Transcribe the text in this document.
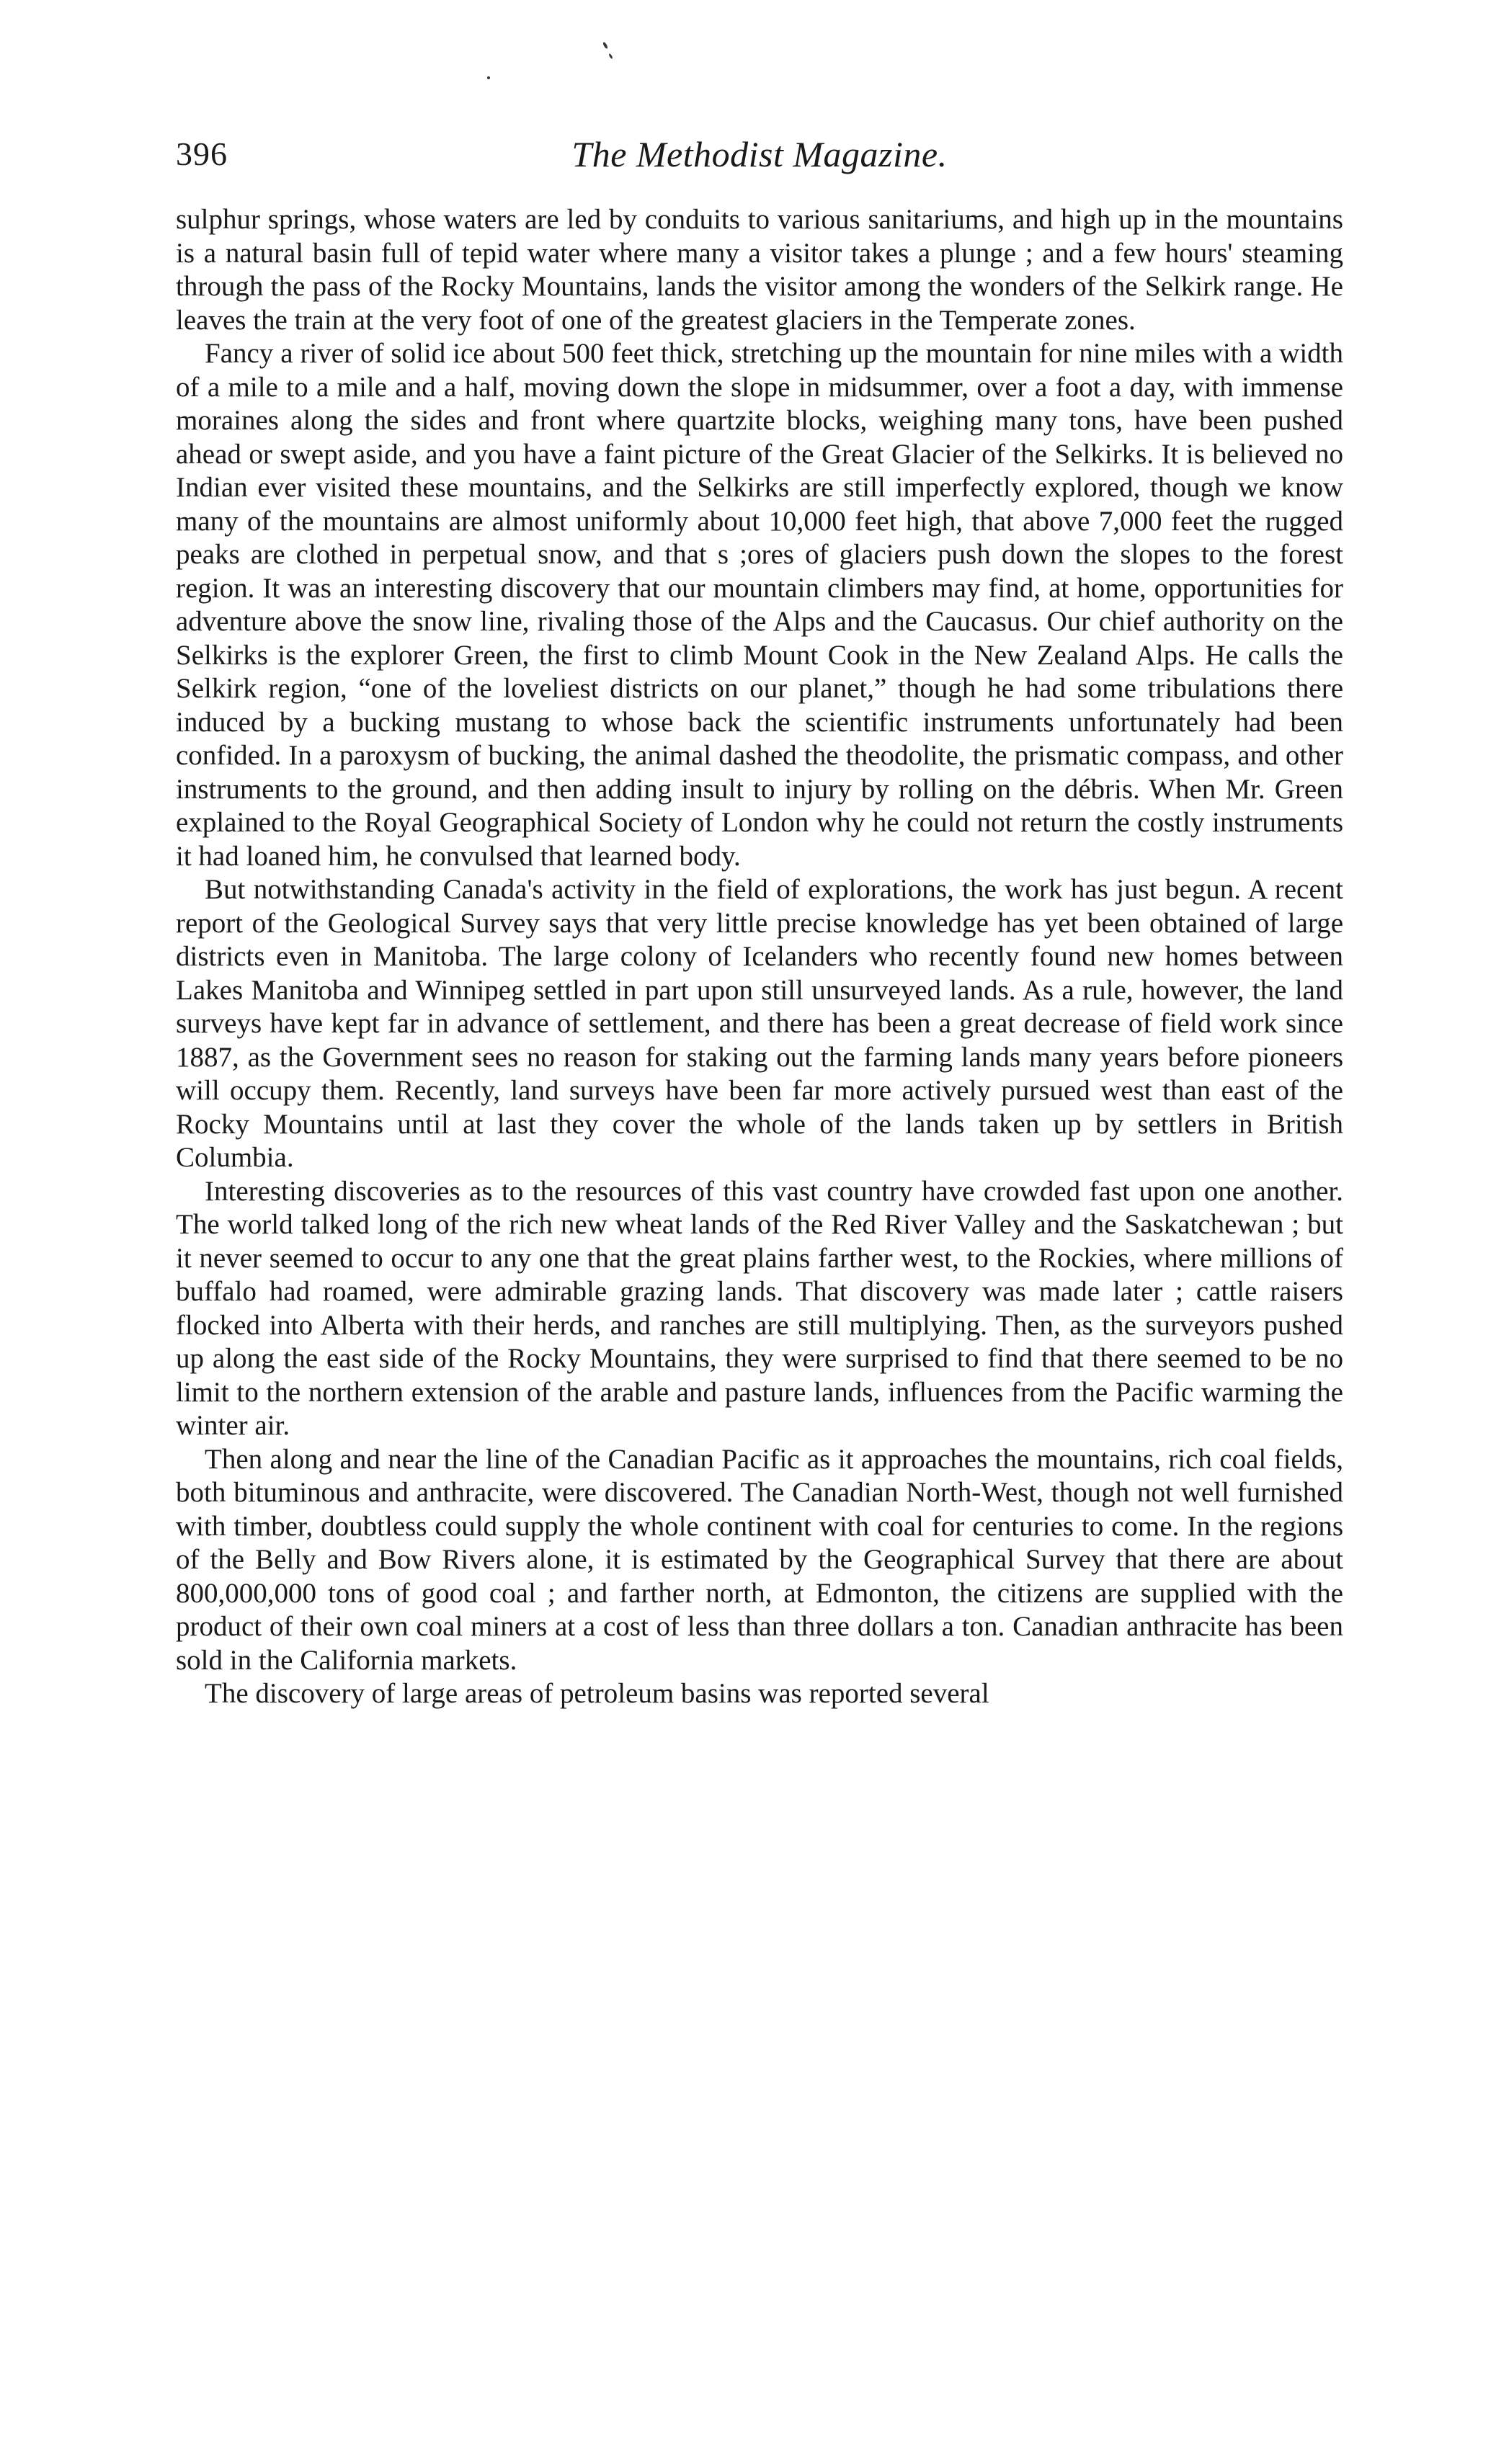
396	The Methodist Magazine.

sulphur springs, whose waters are led by conduits to various sanitariums, and high up in the mountains is a natural basin full of tepid water where many a visitor takes a plunge ; and a few hours' steaming through the pass of the Rocky Mountains, lands the visitor among the wonders of the Selkirk range. He leaves the train at the very foot of one of the greatest glaciers in the Temperate zones.

Fancy a river of solid ice about 500 feet thick, stretching up the mountain for nine miles with a width of a mile to a mile and a half, moving down the slope in midsummer, over a foot a day, with immense moraines along the sides and front where quartzite blocks, weighing many tons, have been pushed ahead or swept aside, and you have a faint picture of the Great Glacier of the Selkirks. It is believed no Indian ever visited these mountains, and the Selkirks are still imperfectly explored, though we know many of the mountains are almost uniformly about 10,000 feet high, that above 7,000 feet the rugged peaks are clothed in perpetual snow, and that s ;ores of glaciers push down the slopes to the forest region. It was an interesting discovery that our mountain climbers may find, at home, opportunities for adventure above the snow line, rivaling those of the Alps and the Caucasus. Our chief authority on the Selkirks is the explorer Green, the first to climb Mount Cook in the New Zealand Alps. He calls the Selkirk region, “one of the loveliest districts on our planet,” though he had some tribulations there induced by a bucking mustang to whose back the scientific instruments unfortunately had been confided. In a paroxysm of bucking, the animal dashed the theodolite, the prismatic compass, and other instruments to the ground, and then adding insult to injury by rolling on the débris. When Mr. Green explained to the Royal Geographical Society of London why he could not return the costly instruments it had loaned him, he convulsed that learned body.

But notwithstanding Canada's activity in the field of explorations, the work has just begun. A recent report of the Geological Survey says that very little precise knowledge has yet been obtained of large districts even in Manitoba. The large colony of Icelanders who recently found new homes between Lakes Manitoba and Winnipeg settled in part upon still unsurveyed lands. As a rule, however, the land surveys have kept far in advance of settlement, and there has been a great decrease of field work since 1887, as the Government sees no reason for staking out the farming lands many years before pioneers will occupy them. Recently, land surveys have been far more actively pursued west than east of the Rocky Mountains until at last they cover the whole of the lands taken up by settlers in British Columbia.

Interesting discoveries as to the resources of this vast country have crowded fast upon one another. The world talked long of the rich new wheat lands of the Red River Valley and the Saskatchewan ; but it never seemed to occur to any one that the great plains farther west, to the Rockies, where millions of buffalo had roamed, were admirable grazing lands. That discovery was made later ; cattle raisers flocked into Alberta with their herds, and ranches are still multiplying. Then, as the surveyors pushed up along the east side of the Rocky Mountains, they were surprised to find that there seemed to be no limit to the northern extension of the arable and pasture lands, influences from the Pacific warming the winter air.

Then along and near the line of the Canadian Pacific as it approaches the mountains, rich coal fields, both bituminous and anthracite, were discovered. The Canadian North-West, though not well furnished with timber, doubtless could supply the whole continent with coal for centuries to come. In the regions of the Belly and Bow Rivers alone, it is estimated by the Geographical Survey that there are about 800,000,000 tons of good coal ; and farther north, at Edmonton, the citizens are supplied with the product of their own coal miners at a cost of less than three dollars a ton. Canadian anthracite has been sold in the California markets.

The discovery of large areas of petroleum basins was reported several
